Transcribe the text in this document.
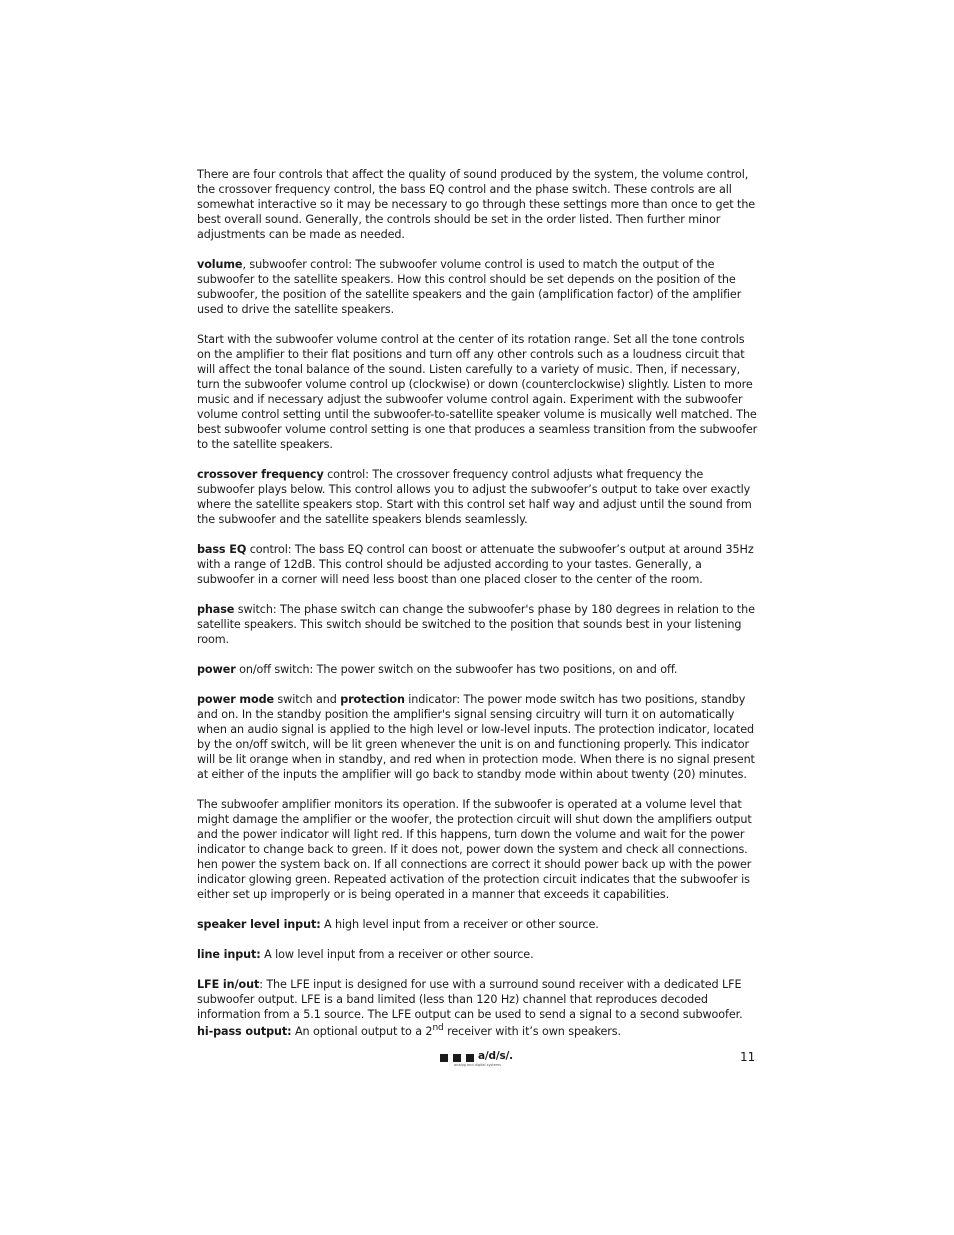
There are four controls that affect the quality of sound produced by the system, the volume control, the crossover frequency control, the bass EQ control and the phase switch. These controls are all somewhat interactive so it may be necessary to go through these settings more than once to get the best overall sound. Generally, the controls should be set in the order listed. Then further minor adjustments can be made as needed.

volume, subwoofer control: The subwoofer volume control is used to match the output of the subwoofer to the satellite speakers. How this control should be set depends on the position of the subwoofer, the position of the satellite speakers and the gain (amplification factor) of the amplifier used to drive the satellite speakers.

Start with the subwoofer volume control at the center of its rotation range. Set all the tone controls on the amplifier to their flat positions and turn off any other controls such as a loudness circuit that will affect the tonal balance of the sound. Listen carefully to a variety of music. Then, if necessary, turn the subwoofer volume control up (clockwise) or down (counterclockwise) slightly. Listen to more music and if necessary adjust the subwoofer volume control again. Experiment with the subwoofer volume control setting until the subwoofer-to-satellite speaker volume is musically well matched. The best subwoofer volume control setting is one that produces a seamless transition from the subwoofer to the satellite speakers.

crossover frequency control: The crossover frequency control adjusts what frequency the subwoofer plays below. This control allows you to adjust the subwoofer’s output to take over exactly where the satellite speakers stop. Start with this control set half way and adjust until the sound from the subwoofer and the satellite speakers blends seamlessly.

bass EQ control: The bass EQ control can boost or attenuate the subwoofer’s output at around 35Hz with a range of 12dB. This control should be adjusted according to your tastes. Generally, a subwoofer in a corner will need less boost than one placed closer to the center of the room.

phase switch: The phase switch can change the subwoofer's phase by 180 degrees in relation to the satellite speakers. This switch should be switched to the position that sounds best in your listening room.

power on/off switch: The power switch on the subwoofer has two positions, on and off.

power mode switch and protection indicator: The power mode switch has two positions, standby and on. In the standby position the amplifier's signal sensing circuitry will turn it on automatically when an audio signal is applied to the high level or low-level inputs. The protection indicator, located by the on/off switch, will be lit green whenever the unit is on and functioning properly. This indicator will be lit orange when in standby, and red when in protection mode. When there is no signal present at either of the inputs the amplifier will go back to standby mode within about twenty (20) minutes.

The subwoofer amplifier monitors its operation. If the subwoofer is operated at a volume level that might damage the amplifier or the woofer, the protection circuit will shut down the amplifiers output and the power indicator will light red. If this happens, turn down the volume and wait for the power indicator to change back to green. If it does not, power down the system and check all connections. hen power the system back on. If all connections are correct it should power back up with the power indicator glowing green. Repeated activation of the protection circuit indicates that the subwoofer is either set up improperly or is being operated in a manner that exceeds it capabilities.

speaker level input: A high level input from a receiver or other source.

line input: A low level input from a receiver or other source.

LFE in/out: The LFE input is designed for use with a surround sound receiver with a dedicated LFE subwoofer output. LFE is a band limited (less than 120 Hz) channel that reproduces decoded information from a 5.1 source. The LFE output can be used to send a signal to a second subwoofer.

hi-pass output: An optional output to a 2nd receiver with it’s own speakers.

a/d/s/.
analog and digital systems
11
